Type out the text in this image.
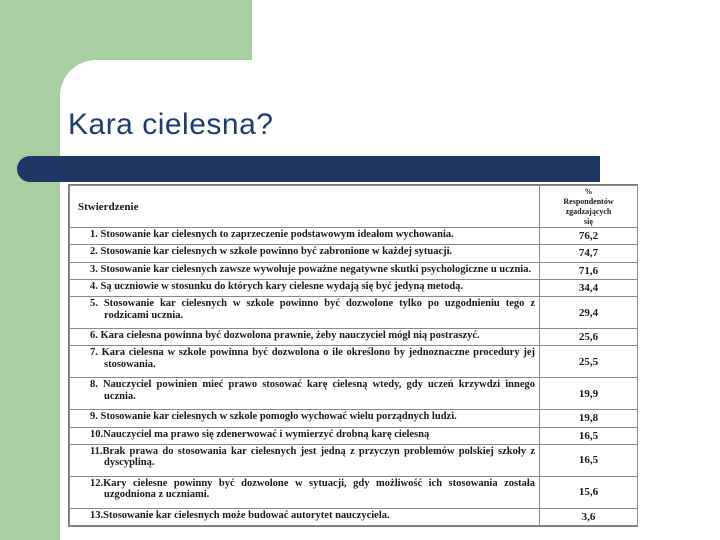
Kara cielesna?
Stwierdzenie	%
Respondentów
zgadzających
się

1. Stosowanie kar cielesnych to zaprzeczenie podstawowym ideałom wychowania.	76,2
2. Stosowanie kar cielesnych w szkole powinno być zabronione w każdej sytuacji.	74,7
3. Stosowanie kar cielesnych zawsze wywołuje poważne negatywne skutki psychologiczne u ucznia.	71,6
4. Są uczniowie w stosunku do których kary cielesne wydają się być jedyną metodą.	34,4
5. Stosowanie kar cielesnych w szkole powinno być dozwolone tylko po uzgodnieniu tego z rodzicami ucznia.	29,4
6. Kara cielesna powinna być dozwolona prawnie, żeby nauczyciel mógł nią postraszyć.	25,6
7. Kara cielesna w szkole powinna być dozwolona o ile określono by jednoznaczne procedury jej stosowania.	25,5
8. Nauczyciel powinien mieć prawo stosować karę cielesną wtedy, gdy uczeń krzywdzi innego ucznia.	19,9
9. Stosowanie kar cielesnych w szkole pomogło wychować wielu porządnych ludzi.	19,8
10.Nauczyciel ma prawo się zdenerwować i wymierzyć drobną karę cielesną	16,5
11.Brak prawa do stosowania kar cielesnych jest jedną z przyczyn problemów polskiej szkoły z dyscypliną.	16,5
12.Kary cielesne powinny być dozwolone w sytuacji, gdy możliwość ich stosowania została uzgodniona z uczniami.	15,6
13.Stosowanie kar cielesnych może budować autorytet nauczyciela.	3,6
